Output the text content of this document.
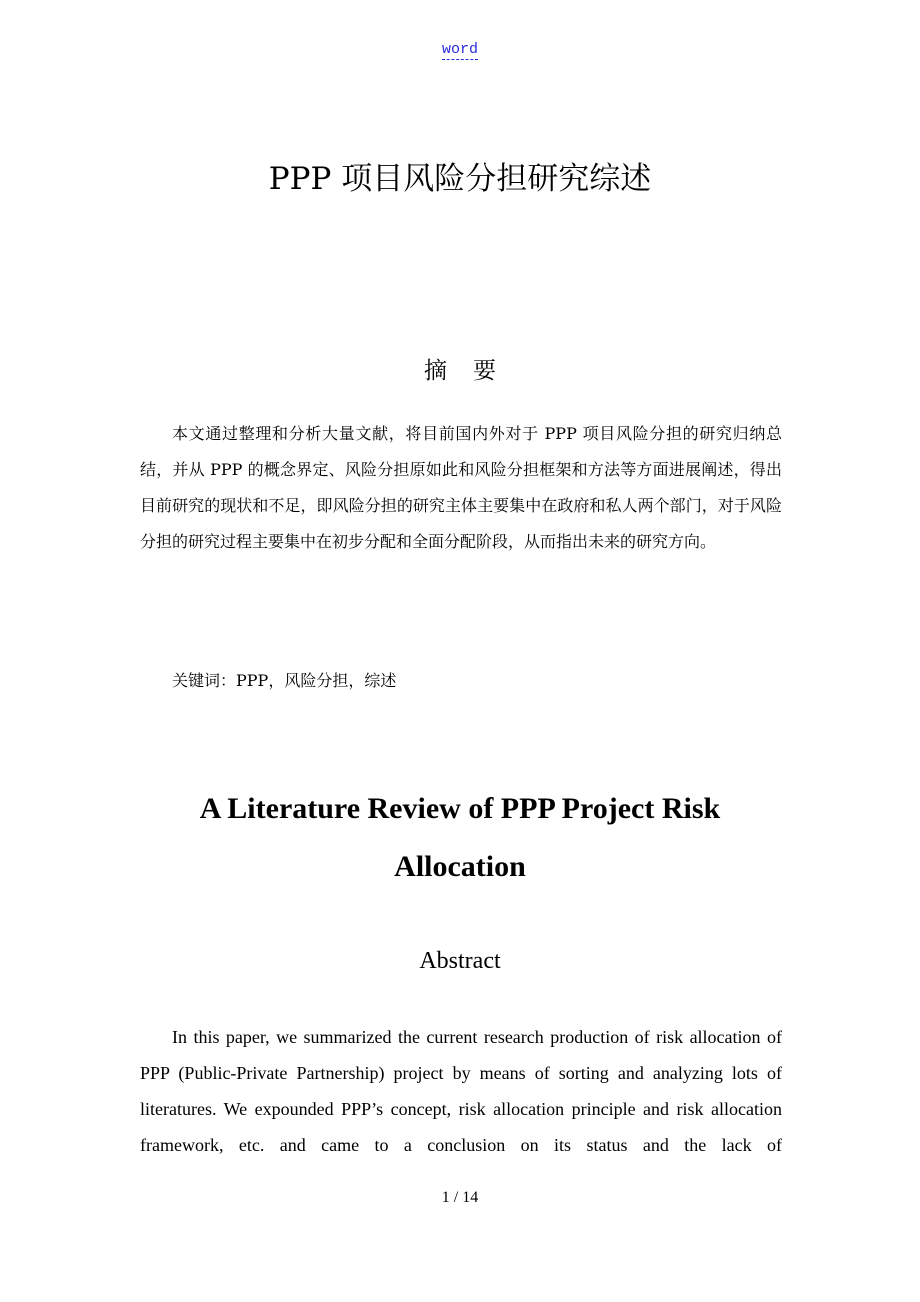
word
PPP 项目风险分担研究综述
摘要

本文通过整理和分析大量文献，将目前国内外对于 PPP 项目风险分担的研究归纳总结，并从 PPP 的概念界定、风险分担原如此和风险分担框架和方法等方面进展阐述，得出目前研究的现状和不足，即风险分担的研究主体主要集中在政府和私人两个部门，对于风险分担的研究过程主要集中在初步分配和全面分配阶段，从而指出未来的研究方向。

关键词：PPP，风险分担，综述
A Literature Review of PPP Project Risk Allocation
Abstract

In this paper, we summarized the current research production of risk allocation of PPP (Public-Private Partnership) project by means of sorting and analyzing lots of literatures. We expounded PPP’s concept, risk allocation principle and risk allocation framework, etc. and came to a conclusion on its status and the lack of

1 / 14
